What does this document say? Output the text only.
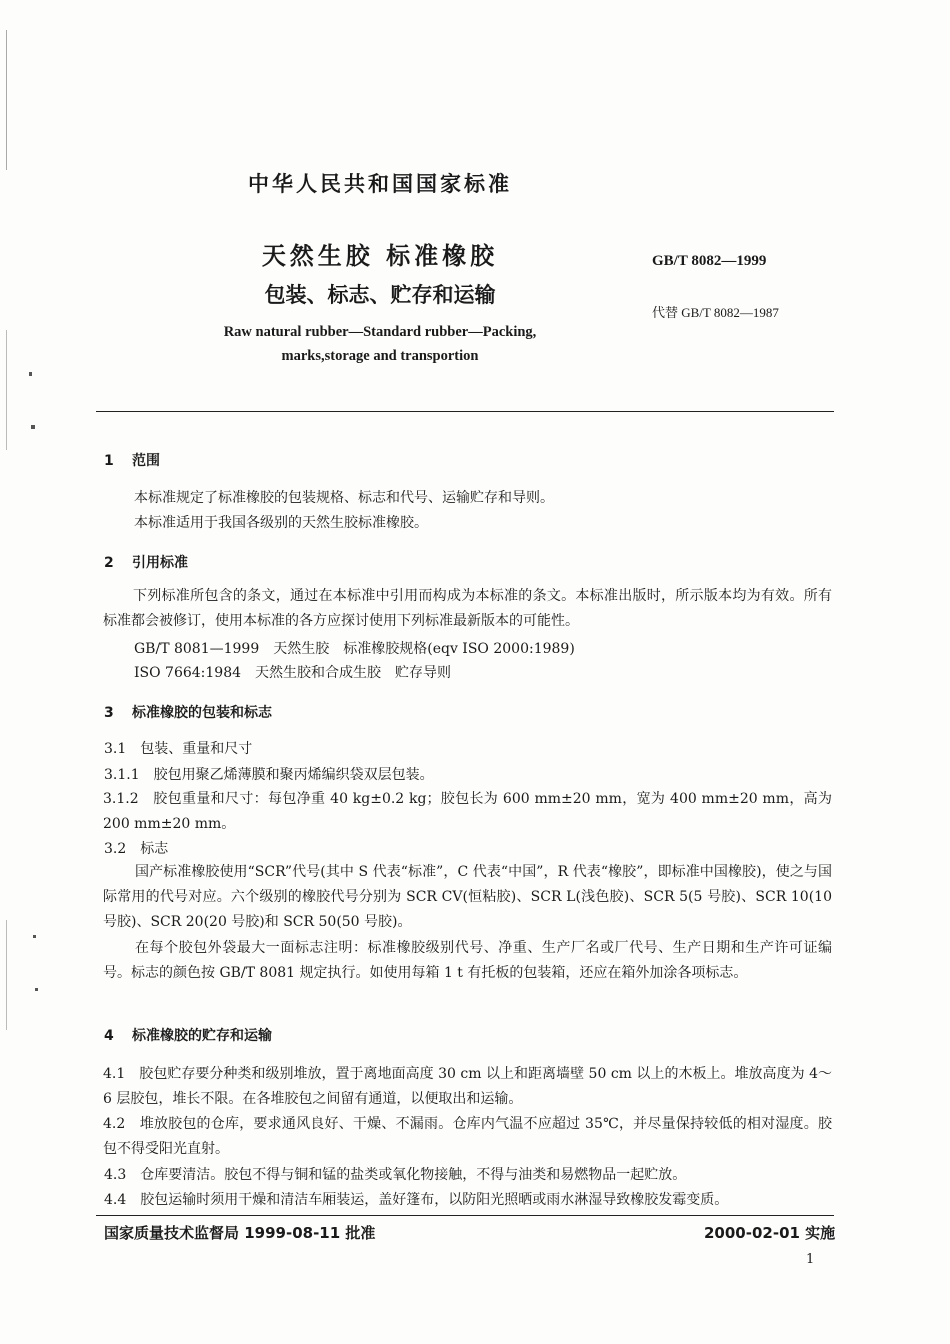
中华人民共和国国家标准
天然生胶 标准橡胶
包装、标志、贮存和运输
Raw natural rubber—Standard rubber—Packing,
marks,storage and transportion
GB/T 8082—1999
代替 GB/T 8082—1987
1 范围
本标准规定了标准橡胶的包装规格、标志和代号、运输贮存和导则。
本标准适用于我国各级别的天然生胶标准橡胶。
2 引用标准
下列标准所包含的条文，通过在本标准中引用而构成为本标准的条文。本标准出版时，所示版本均为有效。所有标准都会被修订，使用本标准的各方应探讨使用下列标准最新版本的可能性。
GB/T 8081—1999　天然生胶　标准橡胶规格(eqv ISO 2000:1989)
ISO 7664:1984　天然生胶和合成生胶　贮存导则
3 标准橡胶的包装和标志
3.1　包装、重量和尺寸
3.1.1　胶包用聚乙烯薄膜和聚丙烯编织袋双层包装。
3.1.2　胶包重量和尺寸：每包净重 40 kg±0.2 kg；胶包长为 600 mm±20 mm，宽为 400 mm±20 mm，高为 200 mm±20 mm。
3.2　标志
国产标准橡胶使用“SCR”代号(其中 S 代表“标准”，C 代表“中国”，R 代表“橡胶”，即标准中国橡胶)，使之与国际常用的代号对应。六个级别的橡胶代号分别为 SCR CV(恒粘胶)、SCR L(浅色胶)、SCR 5(5 号胶)、SCR 10(10 号胶)、SCR 20(20 号胶)和 SCR 50(50 号胶)。
在每个胶包外袋最大一面标志注明：标准橡胶级别代号、净重、生产厂名或厂代号、生产日期和生产许可证编号。标志的颜色按 GB/T 8081 规定执行。如使用每箱 1 t 有托板的包装箱，还应在箱外加涂各项标志。
4 标准橡胶的贮存和运输
4.1　胶包贮存要分种类和级别堆放，置于离地面高度 30 cm 以上和距离墙壁 50 cm 以上的木板上。堆放高度为 4～6 层胶包，堆长不限。在各堆胶包之间留有通道，以便取出和运输。
4.2　堆放胶包的仓库，要求通风良好、干燥、不漏雨。仓库内气温不应超过 35℃，并尽量保持较低的相对湿度。胶包不得受阳光直射。
4.3　仓库要清洁。胶包不得与铜和锰的盐类或氧化物接触，不得与油类和易燃物品一起贮放。
4.4　胶包运输时须用干燥和清洁车厢装运，盖好篷布，以防阳光照晒或雨水淋湿导致橡胶发霉变质。
国家质量技术监督局 1999-08-11 批准	2000-02-01 实施
1
